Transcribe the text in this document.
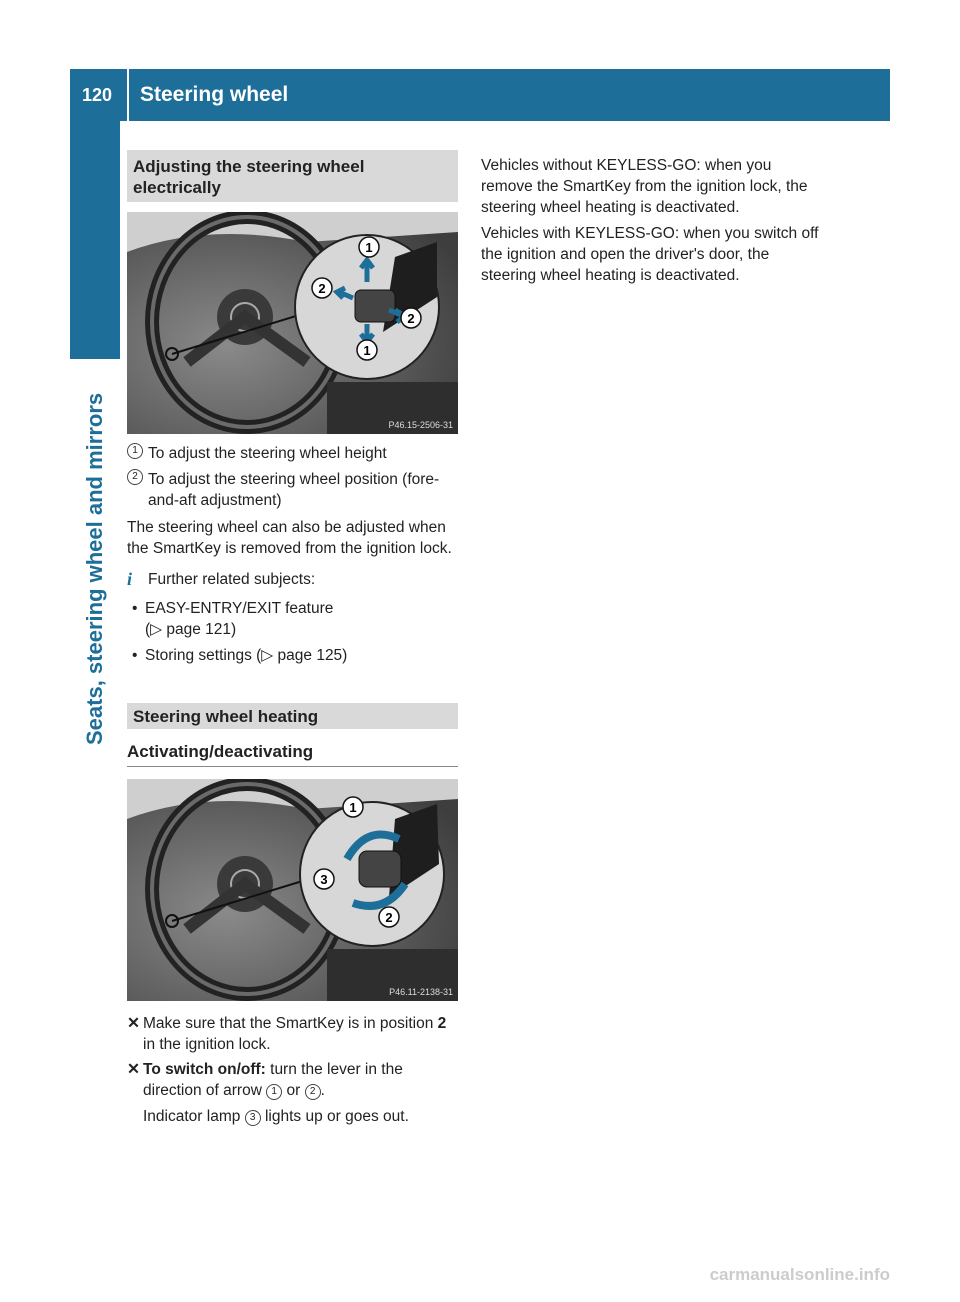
120	Steering wheel
Seats, steering wheel and mirrors
Adjusting the steering wheel electrically
1
2
2
1
P46.15-2506-31
1 To adjust the steering wheel height
2 To adjust the steering wheel position (fore-and-aft adjustment)

The steering wheel can also be adjusted when the SmartKey is removed from the ignition lock.

i Further related subjects:
• EASY-ENTRY/EXIT feature
(▷ page 121)
• Storing settings (▷ page 125)
Steering wheel heating
Activating/deactivating
1
3
2
P46.11-2138-31
✕ Make sure that the SmartKey is in position 2 in the ignition lock.
✕ To switch on/off: turn the lever in the direction of arrow 1 or 2 .
Indicator lamp 3 lights up or goes out.

Vehicles without KEYLESS-GO: when you remove the SmartKey from the ignition lock, the steering wheel heating is deactivated.

Vehicles with KEYLESS-GO: when you switch off the ignition and open the driver's door, the steering wheel heating is deactivated.

carmanualsonline.info
